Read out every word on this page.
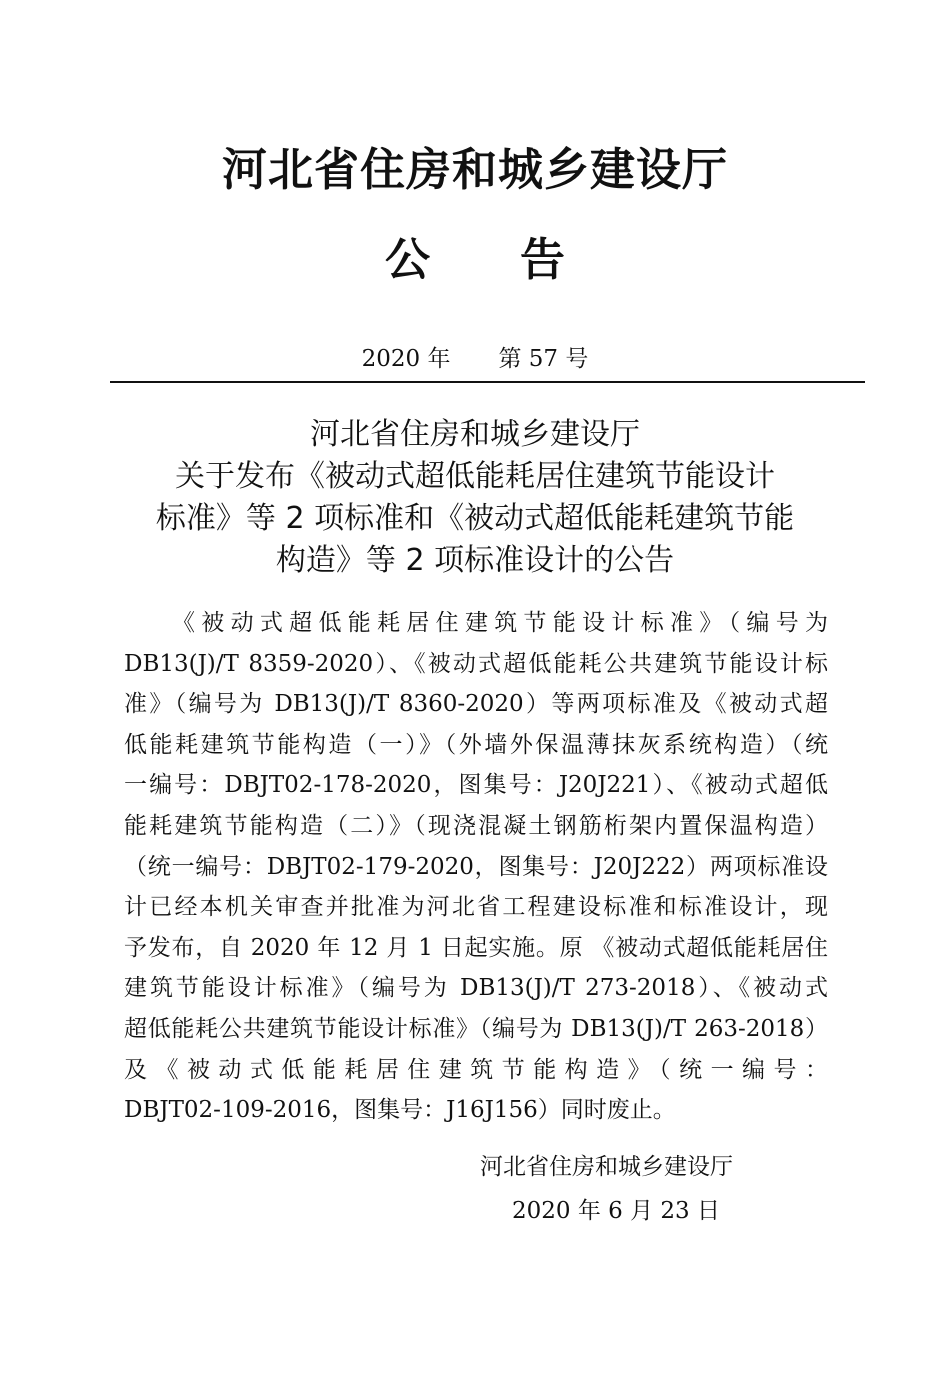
河北省住房和城乡建设厅
公 告
2020 年 第 57 号
河北省住房和城乡建设厅
关于发布《被动式超低能耗居住建筑节能设计
标准》等 2 项标准和《被动式超低能耗建筑节能
构造》等 2 项标准设计的公告
《被动式超低能耗居住建筑节能设计标准》（编号为
DB13(J)/T 8359-2020）、《被动式超低能耗公共建筑节能设计标
准》（编号为 DB13(J)/T 8360-2020）等两项标准及《被动式超
低能耗建筑节能构造（一）》（外墙外保温薄抹灰系统构造）（统
一编号：DBJT02-178-2020，图集号：J20J221）、《被动式超低
能耗建筑节能构造（二）》（现浇混凝土钢筋桁架内置保温构造）
（统一编号：DBJT02-179-2020，图集号：J20J222）两项标准设
计已经本机关审查并批准为河北省工程建设标准和标准设计，现
予发布，自 2020 年 12 月 1 日起实施。原 《被动式超低能耗居住
建筑节能设计标准》（编号为 DB13(J)/T 273-2018）、《被动式
超低能耗公共建筑节能设计标准》（编号为 DB13(J)/T 263-2018）
及《被动式低能耗居住建筑节能构造》（统一编号：
DBJT02-109-2016，图集号：J16J156）同时废止。
河北省住房和城乡建设厅
2020 年 6 月 23 日
